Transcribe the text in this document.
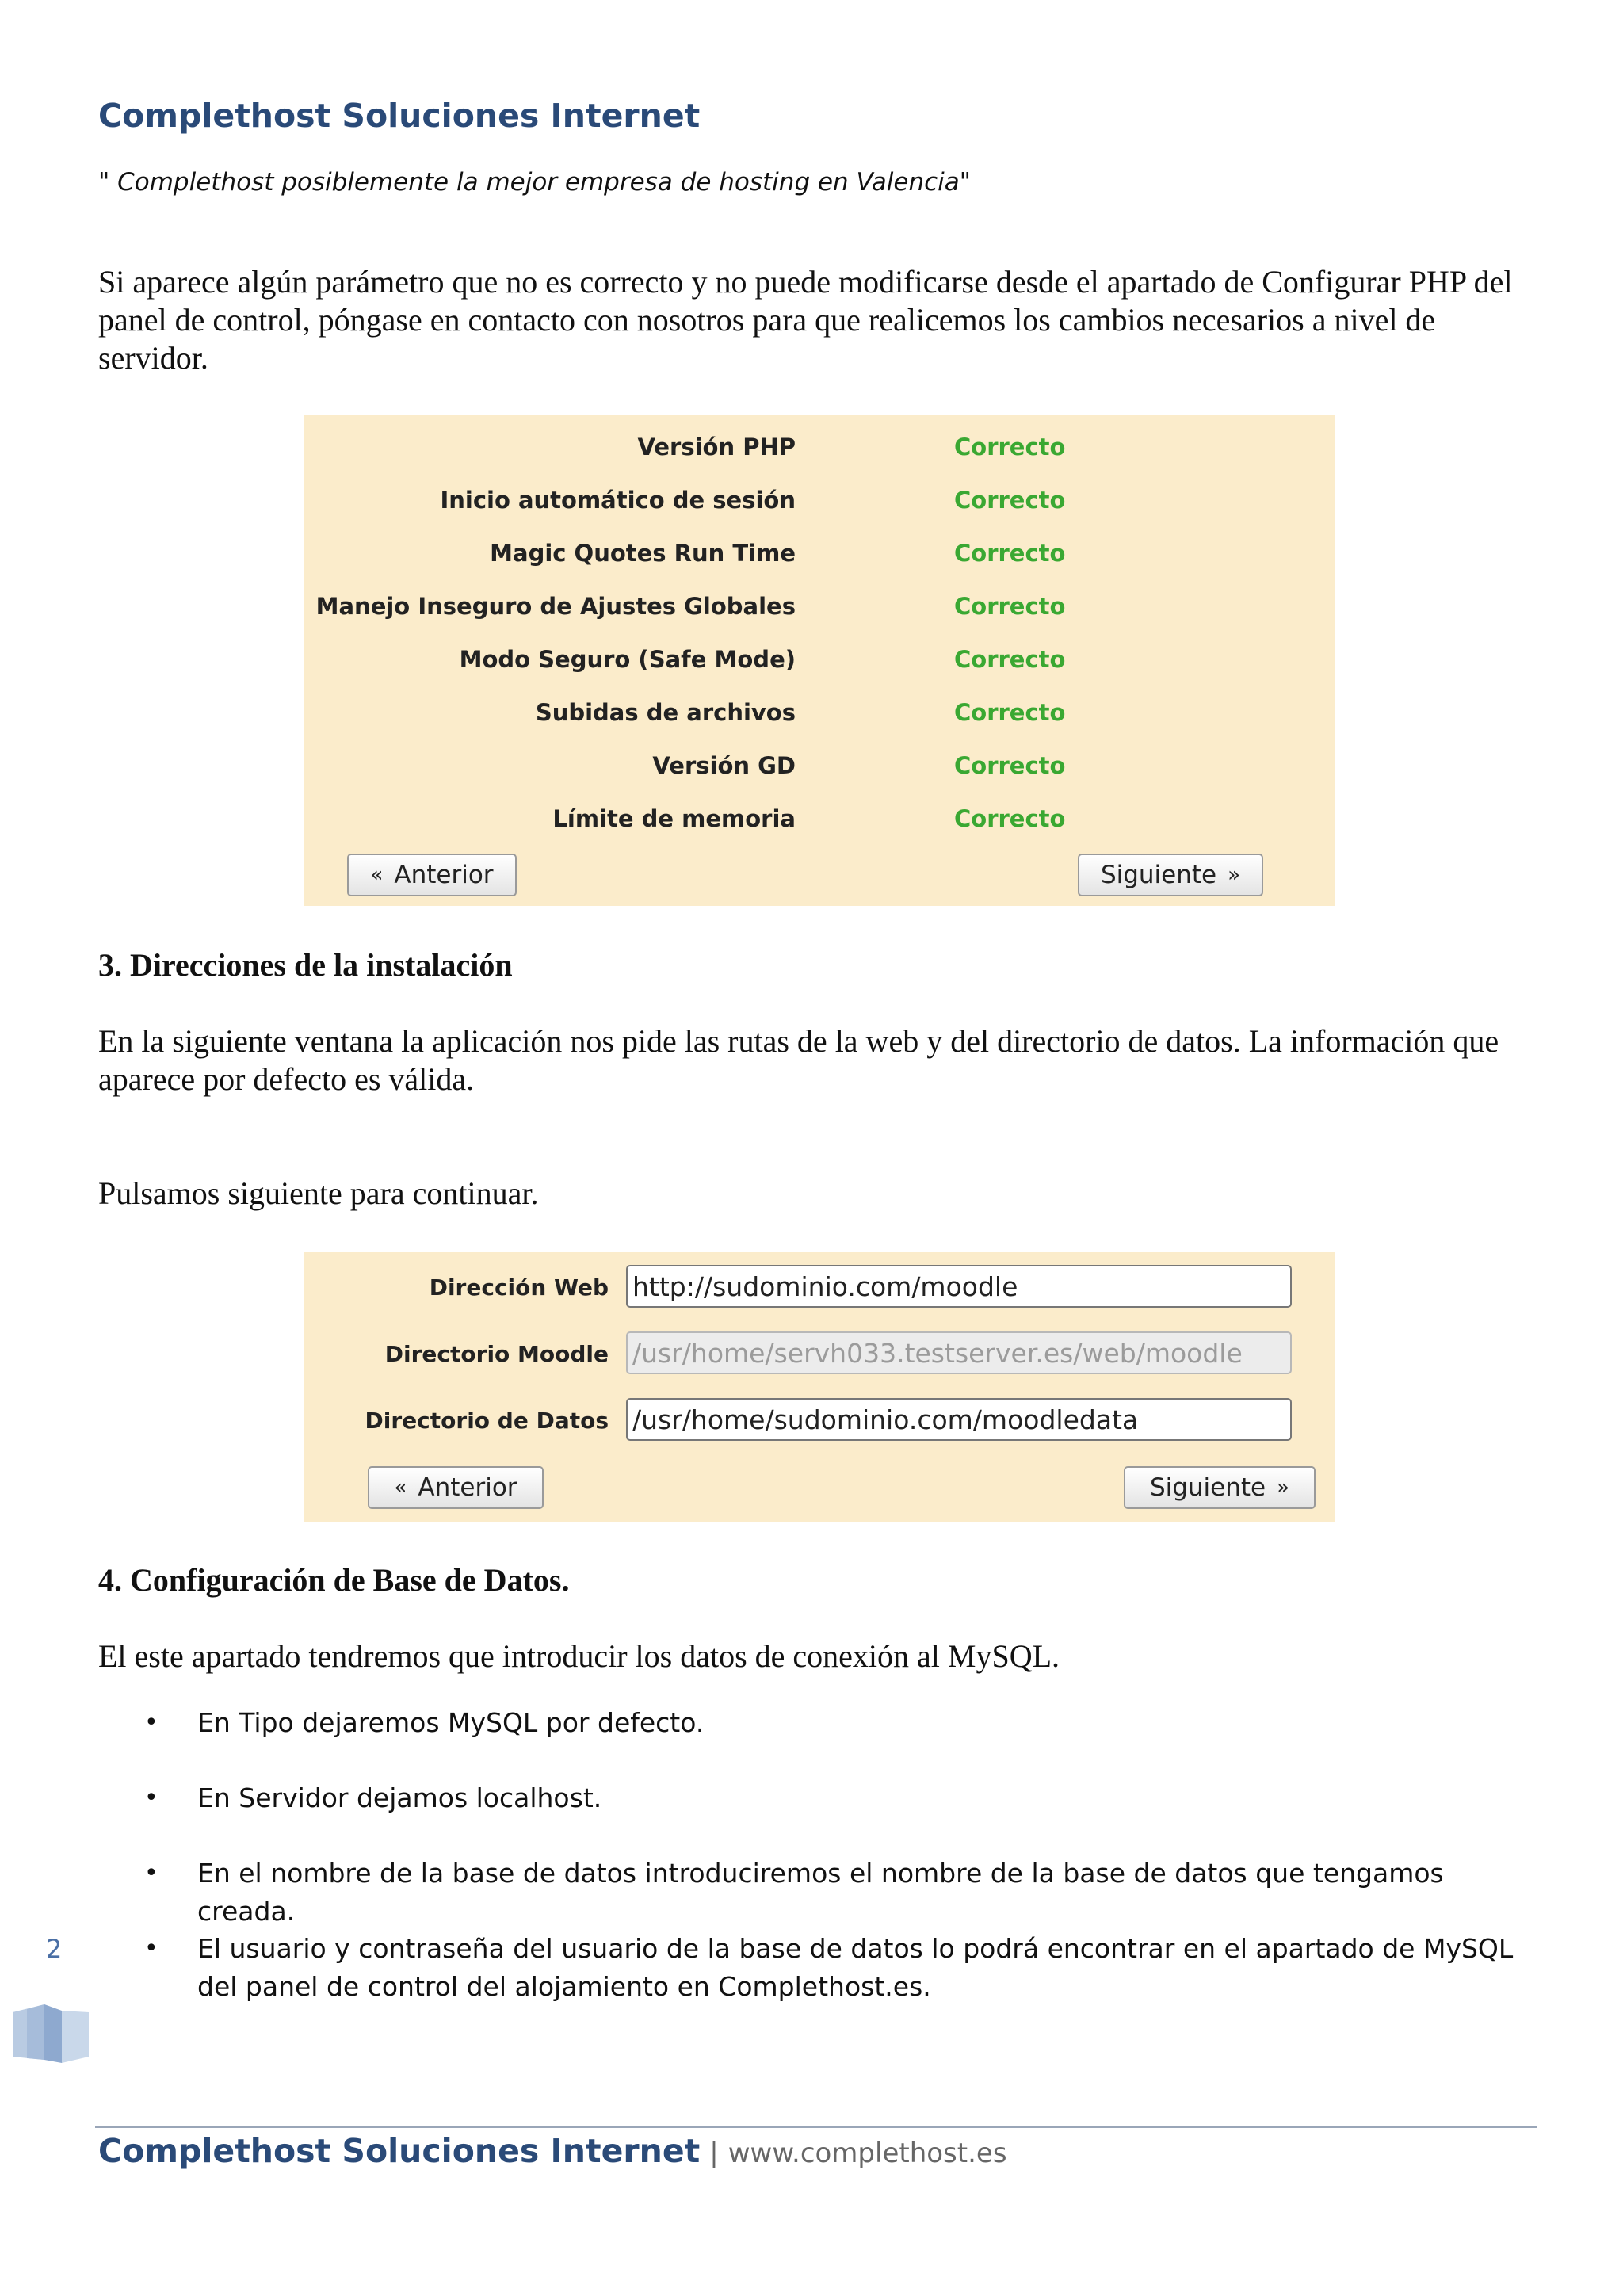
Complethost Soluciones Internet
" Complethost posiblemente la mejor empresa de hosting en Valencia"

Si aparece algún parámetro que no es correcto y no puede modificarse desde el apartado de Configurar PHP del panel de control, póngase en contacto con nosotros para que realicemos los cambios necesarios a nivel de servidor.

Versión PHP	Correcto
Inicio automático de sesión	Correcto
Magic Quotes Run Time	Correcto
Manejo Inseguro de Ajustes Globales	Correcto
Modo Seguro (Safe Mode)	Correcto
Subidas de archivos	Correcto
Versión GD	Correcto
Límite de memoria	Correcto
« Anterior	Siguiente »
3. Direcciones de la instalación

En la siguiente ventana la aplicación nos pide las rutas de la web y del directorio de datos. La información que aparece por defecto es válida.

Pulsamos siguiente para continuar.

Dirección Web http://sudominio.com/moodle
Directorio Moodle /usr/home/servh033.testserver.es/web/moodle
Directorio de Datos /usr/home/sudominio.com/moodledata
« Anterior	Siguiente »
4. Configuración de Base de Datos.

El este apartado tendremos que introducir los datos de conexión al MySQL.

• En Tipo dejaremos MySQL por defecto.
• En Servidor dejamos localhost.
• En el nombre de la base de datos introduciremos el nombre de la base de datos que tengamos creada.
• El usuario y contraseña del usuario de la base de datos lo podrá encontrar en el apartado de MySQL del panel de control del alojamiento en Complethost.es.
2
Complethost Soluciones Internet | www.complethost.es
